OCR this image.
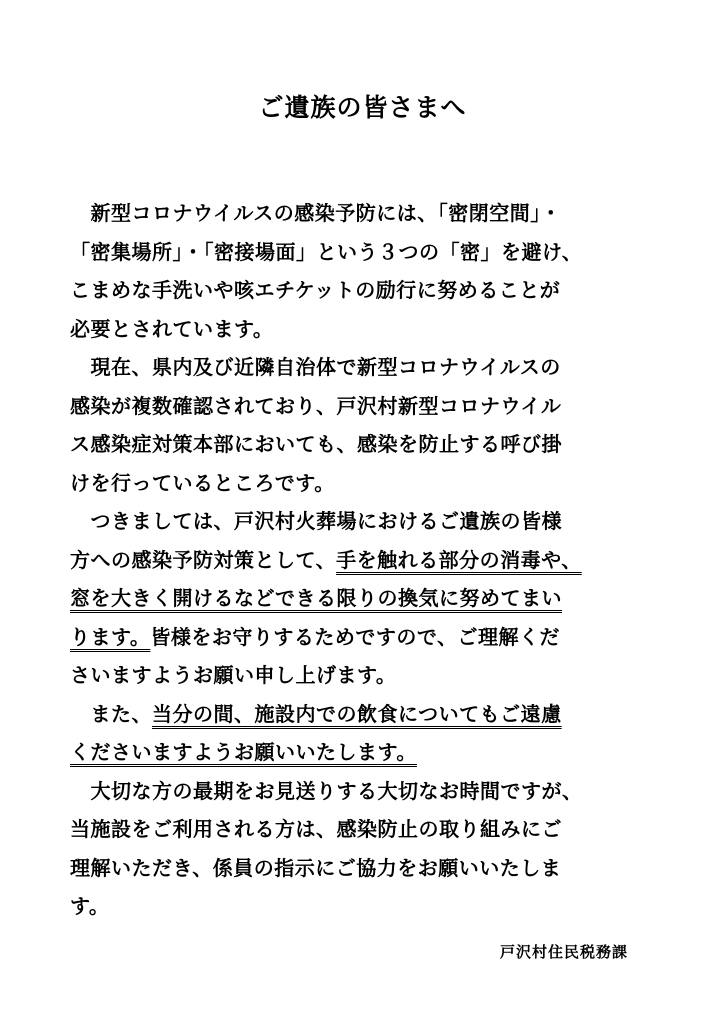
ご遺族の皆さまへ
　新型コロナウイルスの感染予防には、「密閉空間」・
「密集場所」・「密接場面」という３つの「密」を避け、
こまめな手洗いや咳エチケットの励行に努めることが
必要とされています。
　現在、県内及び近隣自治体で新型コロナウイルスの
感染が複数確認されており、戸沢村新型コロナウイル
ス感染症対策本部においても、感染を防止する呼び掛
けを行っているところです。
　つきましては、戸沢村火葬場におけるご遺族の皆様
方への感染予防対策として、手を触れる部分の消毒や、
窓を大きく開けるなどできる限りの換気に努めてまい
ります。皆様をお守りするためですので、ご理解くだ
さいますようお願い申し上げます。
　また、当分の間、施設内での飲食についてもご遠慮
くださいますようお願いいたします。
　大切な方の最期をお見送りする大切なお時間ですが、
当施設をご利用される方は、感染防止の取り組みにご
理解いただき、係員の指示にご協力をお願いいたしま
す。
戸沢村住民税務課
